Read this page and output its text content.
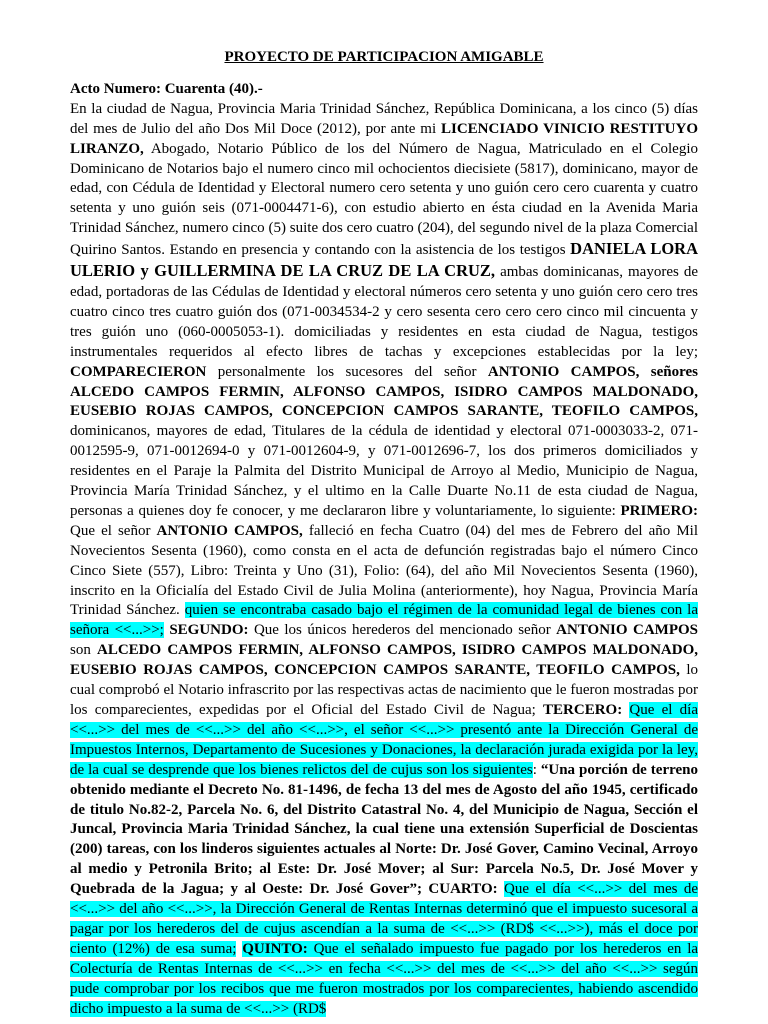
PROYECTO DE PARTICIPACION AMIGABLE
Acto Numero: Cuarenta (40).-

En la ciudad de Nagua, Provincia Maria Trinidad Sánchez, República Dominicana, a los cinco (5) días del mes de Julio del año Dos Mil Doce (2012), por ante mi LICENCIADO VINICIO RESTITUYO LIRANZO, Abogado, Notario Público de los del Número de Nagua, Matriculado en el Colegio Dominicano de Notarios bajo el numero cinco mil ochocientos diecisiete (5817), dominicano, mayor de edad, con Cédula de Identidad y Electoral numero cero setenta y uno guión cero cero cuarenta y cuatro setenta y uno guión seis (071-0004471-6), con estudio abierto en ésta ciudad en la Avenida Maria Trinidad Sánchez, numero cinco (5) suite dos cero cuatro (204), del segundo nivel de la plaza Comercial Quirino Santos. Estando en presencia y contando con la asistencia de los testigos DANIELA LORA ULERIO y GUILLERMINA DE LA CRUZ DE LA CRUZ, ambas dominicanas, mayores de edad, portadoras de las Cédulas de Identidad y electoral números cero setenta y uno guión cero cero tres cuatro cinco tres cuatro guión dos (071-0034534-2 y cero sesenta cero cero cero cinco mil cincuenta y tres guión uno (060-0005053-1). domiciliadas y residentes en esta ciudad de Nagua, testigos instrumentales requeridos al efecto libres de tachas y excepciones establecidas por la ley; COMPARECIERON personalmente los sucesores del señor ANTONIO CAMPOS, señores ALCEDO CAMPOS FERMIN, ALFONSO CAMPOS, ISIDRO CAMPOS MALDONADO, EUSEBIO ROJAS CAMPOS, CONCEPCION CAMPOS SARANTE, TEOFILO CAMPOS, dominicanos, mayores de edad, Titulares de la cédula de identidad y electoral 071-0003033-2, 071-0012595-9, 071-0012694-0 y 071-0012604-9, y 071-0012696-7, los dos primeros domiciliados y residentes en el Paraje la Palmita del Distrito Municipal de Arroyo al Medio, Municipio de Nagua, Provincia María Trinidad Sánchez, y el ultimo en la Calle Duarte No.11 de esta ciudad de Nagua, personas a quienes doy fe conocer, y me declararon libre y voluntariamente, lo siguiente: PRIMERO: Que el señor ANTONIO CAMPOS, falleció en fecha Cuatro (04) del mes de Febrero del año Mil Novecientos Sesenta (1960), como consta en el acta de defunción registradas bajo el número Cinco Cinco Siete (557), Libro: Treinta y Uno (31), Folio: (64), del año Mil Novecientos Sesenta (1960), inscrito en la Oficialía del Estado Civil de Julia Molina (anteriormente), hoy Nagua, Provincia María Trinidad Sánchez. quien se encontraba casado bajo el régimen de la comunidad legal de bienes con la señora <<...>>; SEGUNDO: Que los únicos herederos del mencionado señor ANTONIO CAMPOS son ALCEDO CAMPOS FERMIN, ALFONSO CAMPOS, ISIDRO CAMPOS MALDONADO, EUSEBIO ROJAS CAMPOS, CONCEPCION CAMPOS SARANTE, TEOFILO CAMPOS, lo cual comprobó el Notario infrascrito por las respectivas actas de nacimiento que le fueron mostradas por los comparecientes, expedidas por el Oficial del Estado Civil de Nagua; TERCERO: Que el día <<...>> del mes de <<...>> del año <<...>>, el señor <<...>> presentó ante la Dirección General de Impuestos Internos, Departamento de Sucesiones y Donaciones, la declaración jurada exigida por la ley, de la cual se desprende que los bienes relictos del de cujus son los siguientes: “Una porción de terreno obtenido mediante el Decreto No. 81-1496, de fecha 13 del mes de Agosto del año 1945, certificado de titulo No.82-2, Parcela No. 6, del Distrito Catastral No. 4, del Municipio de Nagua, Sección el Juncal, Provincia Maria Trinidad Sánchez, la cual tiene una extensión Superficial de Doscientas (200) tareas, con los linderos siguientes actuales al Norte: Dr. José Gover, Camino Vecinal, Arroyo al medio y Petronila Brito; al Este: Dr. José Mover; al Sur: Parcela No.5, Dr. José Mover y Quebrada de la Jagua; y al Oeste: Dr. José Gover”; CUARTO: Que el día <<...>> del mes de <<...>> del año <<...>>, la Dirección General de Rentas Internas determinó que el impuesto sucesoral a pagar por los herederos del de cujus ascendían a la suma de <<...>> (RD$ <<...>>), más el doce por ciento (12%) de esa suma; QUINTO: Que el señalado impuesto fue pagado por los herederos en la Colecturía de Rentas Internas de <<...>> en fecha <<...>> del mes de <<...>> del año <<...>> según pude comprobar por los recibos que me fueron mostrados por los comparecientes, habiendo ascendido dicho impuesto a la suma de <<...>> (RD$
